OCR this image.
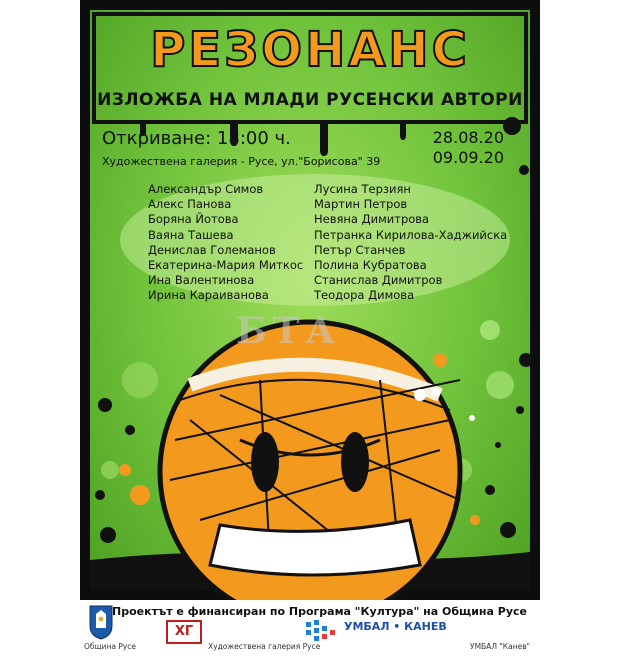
РЕЗОНАНС

ИЗЛОЖБА НА МЛАДИ РУСЕНСКИ АВТОРИ

Откриване: 18:00 ч.
Художествена галерия - Русе, ул."Борисова" 39
28.08.20
09.09.20
Александър Симов
Алекс Панова
Боряна Йотова
Ваяна Ташева
Денислав Големанов
Екатерина-Мария Миткос
Ина Валентинова
Ирина Караиванова
Лусина Терзиян
Мартин Петров
Невяна Димитрова
Петранка Кирилова-Хаджийска
Петър Станчев
Полина Кубратова
Станислав Димитров
Теодора Димова
БТА
Проектът е финансиран по Програма "Култура" на Община Русе
Община Русе
ХГ
Художествена галерия Русе
УМБАЛ • КАНЕВ
УМБАЛ "Канев"
